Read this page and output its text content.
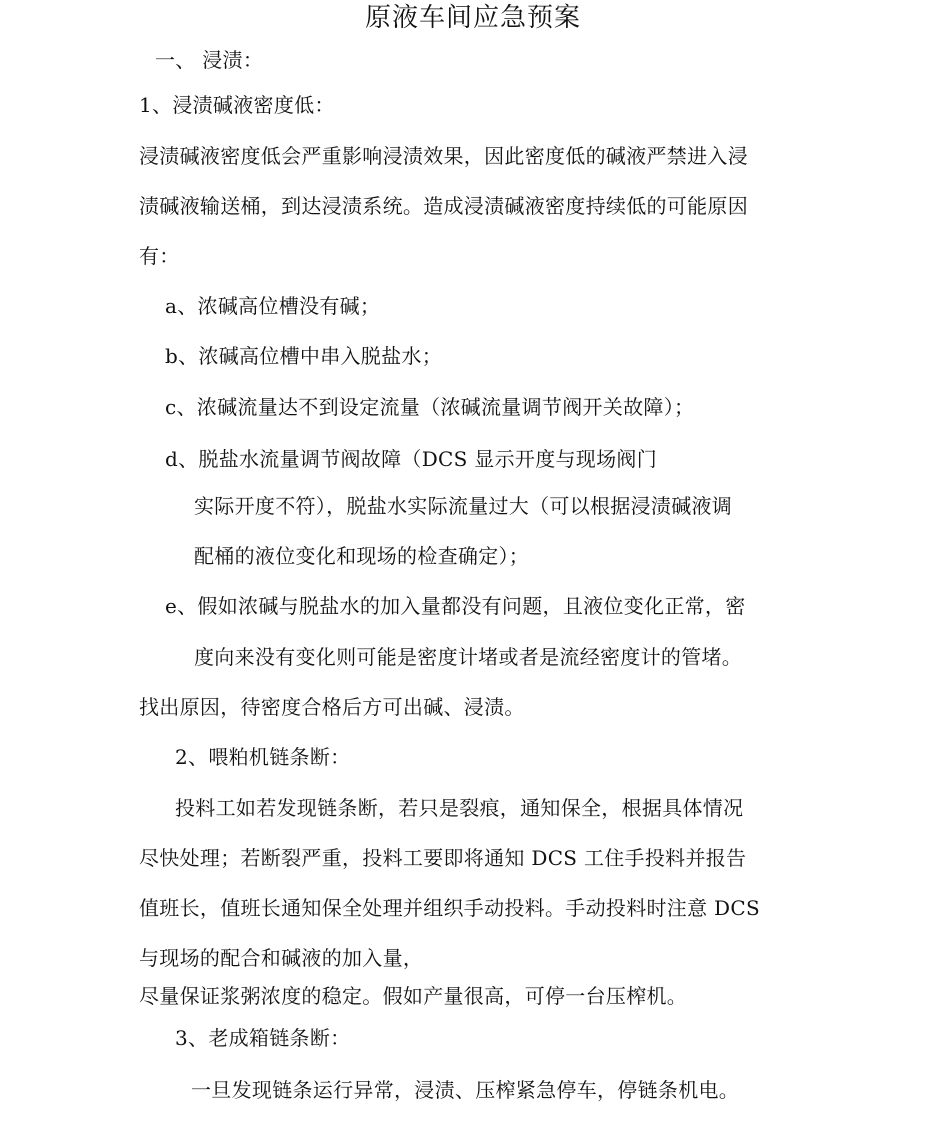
原液车间应急预案
一、 浸渍：
1、浸渍碱液密度低：
浸渍碱液密度低会严重影响浸渍效果，因此密度低的碱液严禁进入浸
渍碱液输送桶，到达浸渍系统。造成浸渍碱液密度持续低的可能原因
有：
a、浓碱高位槽没有碱；
b、浓碱高位槽中串入脱盐水；
c、浓碱流量达不到设定流量（浓碱流量调节阀开关故障）；
d、脱盐水流量调节阀故障（DCS 显示开度与现场阀门
实际开度不符），脱盐水实际流量过大（可以根据浸渍碱液调
配桶的液位变化和现场的检查确定）；
e、假如浓碱与脱盐水的加入量都没有问题，且液位变化正常，密
度向来没有变化则可能是密度计堵或者是流经密度计的管堵。
找出原因，待密度合格后方可出碱、浸渍。
2、喂粕机链条断：
投料工如若发现链条断，若只是裂痕，通知保全，根据具体情况
尽快处理；若断裂严重，投料工要即将通知 DCS 工住手投料并报告
值班长，值班长通知保全处理并组织手动投料。手动投料时注意 DCS
与现场的配合和碱液的加入量，
尽量保证浆粥浓度的稳定。假如产量很高，可停一台压榨机。
3、老成箱链条断：
一旦发现链条运行异常，浸渍、压榨紧急停车，停链条机电。
